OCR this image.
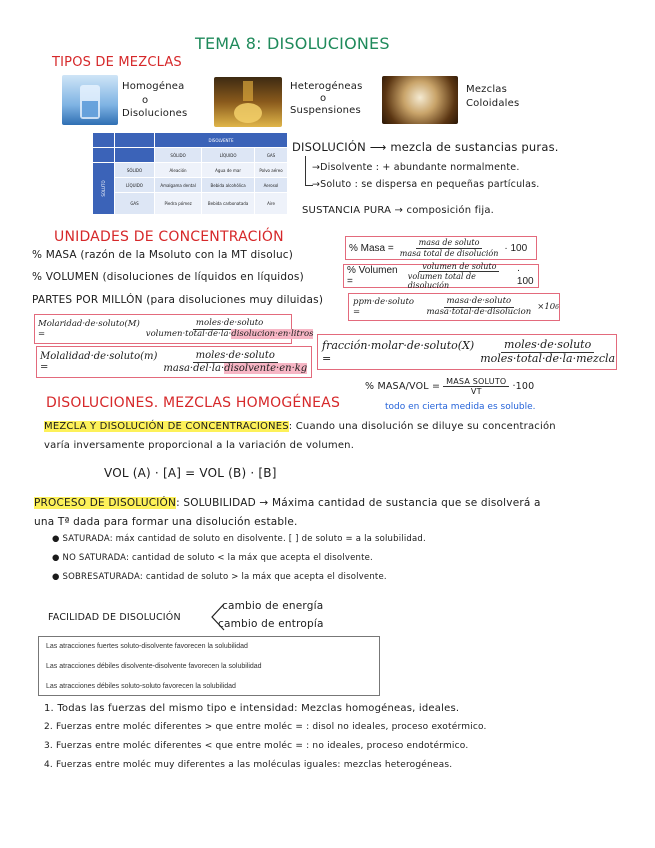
TEMA 8: DISOLUCIONES
TIPOS DE MEZCLAS
Homogénea
o
Disoluciones
Heterogéneas
o
Suspensiones
Mezclas
Coloidales
		DISOLVENTE		
		SÓLIDO	LÍQUIDO	GAS

SOLUTO	SÓLIDO	Aleación	Agua de mar	Polvo aéreo
	LÍQUIDO	Amalgama dental	Bebida alcohólica	Aerosol
	GAS	Piedra pómez	Bebida carbonatada	Aire
DISOLUCIÓN ⟶ mezcla de sustancias puras.
→Disolvente : + abundante normalmente.
→Soluto : se dispersa en pequeñas partículas.
SUSTANCIA PURA → composición fija.
UNIDADES DE CONCENTRACIÓN
% MASA (razón de la Msoluto con la MT disoluc)
% VOLUMEN (disoluciones de líquidos en líquidos)
PARTES POR MILLÓN (para disoluciones muy diluidas)
% Masa = $\frac{\text{masa de soluto}}{\text{masa total de disolución}} \cdot 100$
% Volumen =	$\frac{\text{volumen de soluto}}{\text{volumen total de disolución}} \cdot 100$
ppm·de·soluto =	$\frac{\text{masa·de·soluto}}{\text{masa·total·de·disolucion}} \times 10$ 6
Molaridad·de·soluto(M) =	$\frac{\text{moles·de·soluto}}{\text{volumen·total·de·la·disolucion·en·litros}}$
fracción·molar·de·soluto(X) =	$\frac{\text{moles·de·soluto}}{\text{moles·total·de·la·mezcla}}$
Molalidad·de·soluto(m) =	$\frac{\text{moles·de·soluto}}{\text{masa·del·la·disolvente·en·kg}}$
% MASA/VOL = $\frac{\text{MASA SOLUTO}}{VT} \cdot 100$
todo en cierta medida es soluble.
DISOLUCIONES. MEZCLAS HOMOGÉNEAS
MEZCLA Y DISOLUCIÓN DE CONCENTRACIONES: Cuando una disolución se diluye su concentración
varía inversamente proporcional a la variación de volumen.
VOL (A) · [A] = VOL (B) · [B]
PROCESO DE DISOLUCIÓN: SOLUBILIDAD → Máxima cantidad de sustancia que se disolverá a
una Tª dada para formar una disolución estable.
● SATURADA: máx cantidad de soluto en disolvente. [ ] de soluto = a la solubilidad.
● NO SATURADA: cantidad de soluto < la máx que acepta el disolvente.
● SOBRESATURADA: cantidad de soluto > la máx que acepta el disolvente.
FACILIDAD DE DISOLUCIÓN
cambio de energía
cambio de entropía
Las atracciones fuertes soluto-disolvente favorecen la solubilidad
Las atracciones débiles disolvente-disolvente favorecen la solubilidad
Las atracciones débiles soluto-soluto favorecen la solubilidad
1. Todas las fuerzas del mismo tipo e intensidad: Mezclas homogéneas, ideales.
2. Fuerzas entre moléc diferentes > que entre moléc = : disol no ideales, proceso exotérmico.
3. Fuerzas entre moléc diferentes < que entre moléc = : no ideales, proceso endotérmico.
4. Fuerzas entre moléc muy diferentes a las moléculas iguales: mezclas heterogéneas.
